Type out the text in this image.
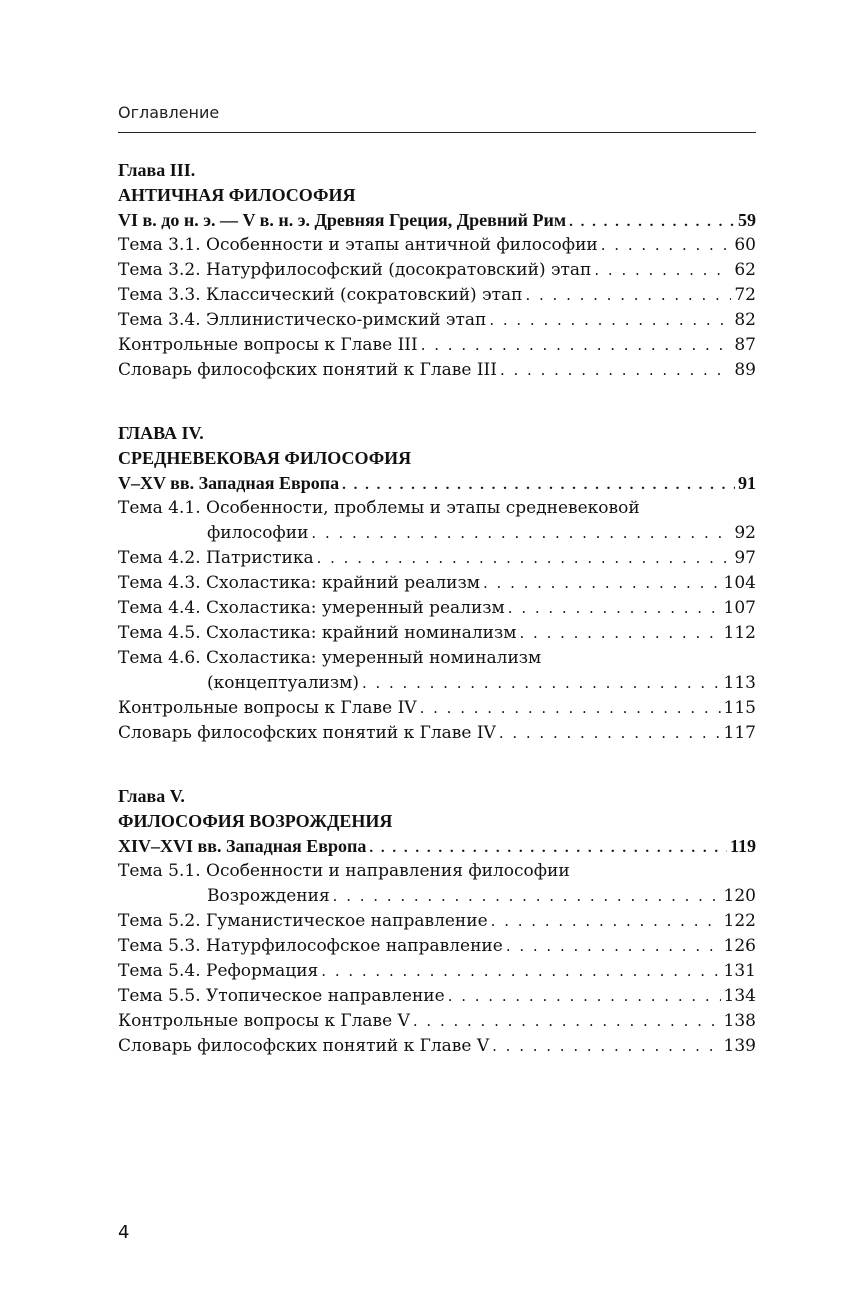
Оглавление
Глава III.
АНТИЧНАЯ ФИЛОСОФИЯ
VI в. до н. э. — V в. н. э. Древняя Греция, Древний Рим . . .	59
Тема 3.1. Особенности и этапы античной философии . . .	60
Тема 3.2. Натурфилософский (досократовский) этап . . .	62
Тема 3.3. Классический (сократовский) этап . . .	72
Тема 3.4. Эллинистическо-римский этап . . .	82
Контрольные вопросы к Главе III . . .	87
Словарь философских понятий к Главе III . . .	89
ГЛАВА IV.
СРЕДНЕВЕКОВАЯ ФИЛОСОФИЯ
V–XV вв. Западная Европа . . .	91
Тема 4.1. Особенности, проблемы и этапы средневековой
философии . . .	92
Тема 4.2. Патристика . . .	97
Тема 4.3. Схоластика: крайний реализм . . .	104
Тема 4.4. Схоластика: умеренный реализм . . .	107
Тема 4.5. Схоластика: крайний номинализм . . .	112
Тема 4.6. Схоластика: умеренный номинализм
(концептуализм) . . .	113
Контрольные вопросы к Главе IV . . .	115
Словарь философских понятий к Главе IV . . .	117
Глава V.
ФИЛОСОФИЯ ВОЗРОЖДЕНИЯ
XIV–XVI вв. Западная Европа . . .	119
Тема 5.1. Особенности и направления философии
Возрождения . . .	120
Тема 5.2. Гуманистическое направление . . .	122
Тема 5.3. Натурфилософское направление . . .	126
Тема 5.4. Реформация . . .	131
Тема 5.5. Утопическое направление . . .	134
Контрольные вопросы к Главе V . . .	138
Словарь философских понятий к Главе V . . .	139
4
